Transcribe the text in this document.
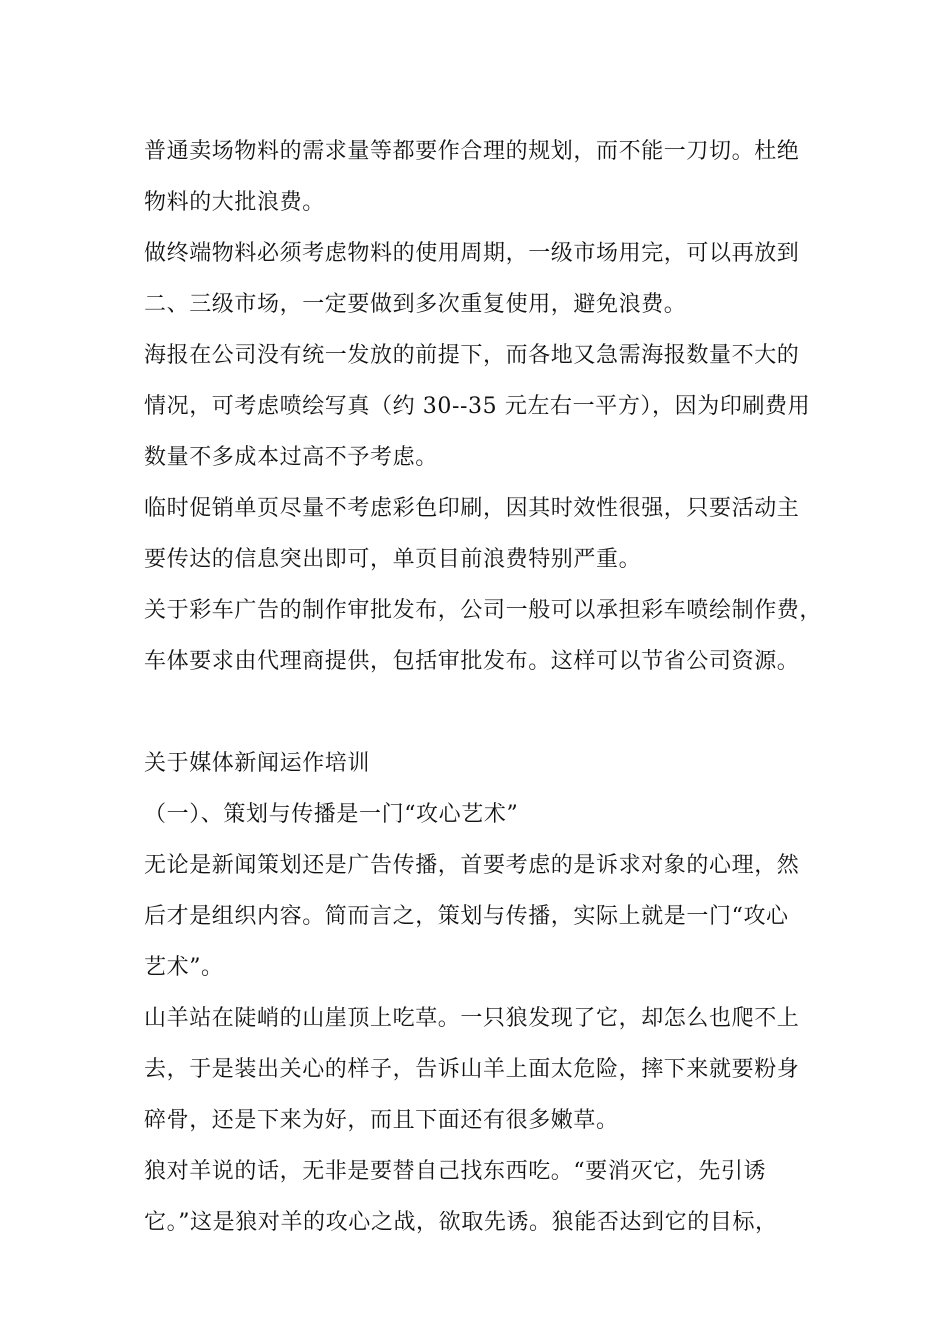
普通卖场物料的需求量等都要作合理的规划，而不能一刀切。杜绝
物料的大批浪费。
做终端物料必须考虑物料的使用周期，一级市场用完，可以再放到
二、三级市场，一定要做到多次重复使用，避免浪费。
海报在公司没有统一发放的前提下，而各地又急需海报数量不大的
情况，可考虑喷绘写真（约 30--35 元左右一平方），因为印刷费用
数量不多成本过高不予考虑。
临时促销单页尽量不考虑彩色印刷，因其时效性很强，只要活动主
要传达的信息突出即可，单页目前浪费特别严重。
关于彩车广告的制作审批发布，公司一般可以承担彩车喷绘制作费，
车体要求由代理商提供，包括审批发布。这样可以节省公司资源。
关于媒体新闻运作培训
（一）、策划与传播是一门“攻心艺术”
无论是新闻策划还是广告传播，首要考虑的是诉求对象的心理，然
后才是组织内容。简而言之，策划与传播，实际上就是一门“攻心
艺术”。
山羊站在陡峭的山崖顶上吃草。一只狼发现了它，却怎么也爬不上
去，于是装出关心的样子，告诉山羊上面太危险，摔下来就要粉身
碎骨，还是下来为好，而且下面还有很多嫩草。
狼对羊说的话，无非是要替自己找东西吃。“要消灭它，先引诱
它。”这是狼对羊的攻心之战，欲取先诱。狼能否达到它的目标，
